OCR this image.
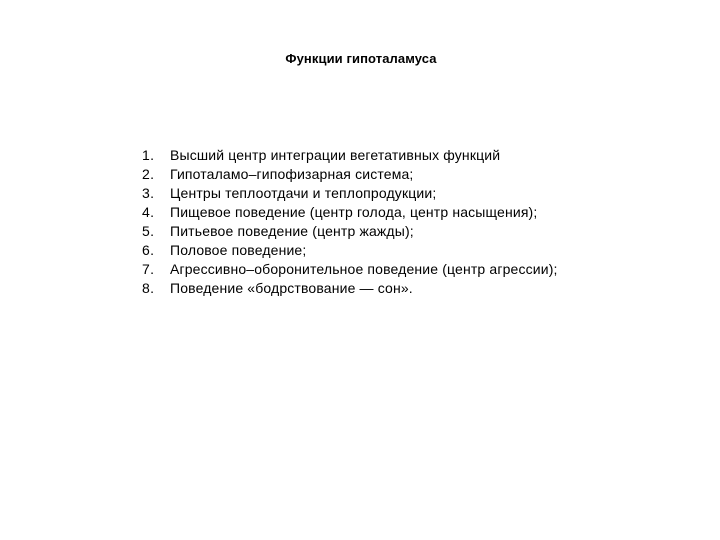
Функции гипоталамуса
1.	Высший центр интеграции вегетативных функций
2.	Гипоталамо–гипофизарная система;
3.	Центры теплоотдачи и теплопродукции;
4.	Пищевое поведение (центр голода, центр насыщения);
5.	Питьевое поведение (центр жажды);
6.	Половое поведение;
7.	Агрессивно–оборонительное поведение (центр агрессии);
8.	Поведение «бодрствование — сон».
